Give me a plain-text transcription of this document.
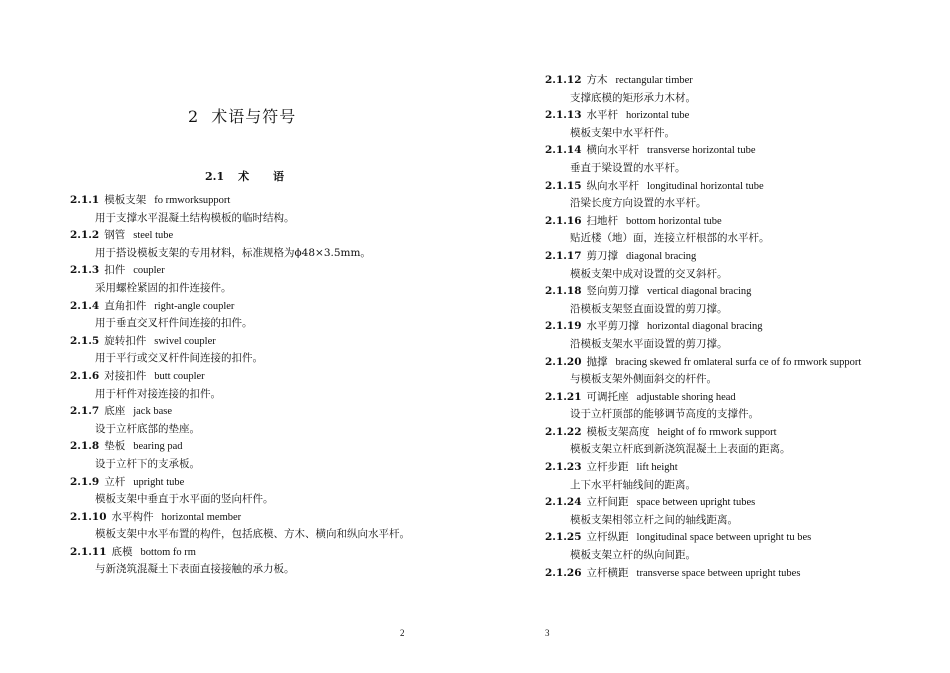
2 术语与符号
2.1 术 语
2.1.1 模板支架 fo rmworksupport
用于支撑水平混凝土结构模板的临时结构。
2.1.2 钢管 steel tube
用于搭设模板支架的专用材料，标准规格为ϕ48×3.5mm。
2.1.3 扣件 coupler
采用螺栓紧固的扣件连接件。
2.1.4 直角扣件 right-angle coupler
用于垂直交叉杆件间连接的扣件。
2.1.5 旋转扣件 swivel coupler
用于平行或交叉杆件间连接的扣件。
2.1.6 对接扣件 butt coupler
用于杆件对接连接的扣件。
2.1.7 底座 jack base
设于立杆底部的垫座。
2.1.8 垫板 bearing pad
设于立杆下的支承板。
2.1.9 立杆 upright tube
模板支架中垂直于水平面的竖向杆件。
2.1.10 水平构件 horizontal member
模板支架中水平布置的构件，包括底模、方木、横向和纵向水平杆。
2.1.11 底模 bottom fo rm
与新浇筑混凝土下表面直接接触的承力板。
2
2.1.12 方木 rectangular timber
支撑底模的矩形承力木材。
2.1.13 水平杆 horizontal tube
模板支架中水平杆件。
2.1.14 横向水平杆 transverse horizontal tube
垂直于梁设置的水平杆。
2.1.15 纵向水平杆 longitudinal horizontal tube
沿梁长度方向设置的水平杆。
2.1.16 扫地杆 bottom horizontal tube
贴近楼（地）面，连接立杆根部的水平杆。
2.1.17 剪刀撑 diagonal bracing
模板支架中成对设置的交叉斜杆。
2.1.18 竖向剪刀撑 vertical diagonal bracing
沿模板支架竖直面设置的剪刀撑。
2.1.19 水平剪刀撑 horizontal diagonal bracing
沿模板支架水平面设置的剪刀撑。
2.1.20 抛撑 bracing skewed fr omlateral surfa ce of fo rmwork support
与模板支架外侧面斜交的杆件。
2.1.21 可调托座 adjustable shoring head
设于立杆顶部的能够调节高度的支撑件。
2.1.22 模板支架高度 height of fo rmwork support
模板支架立杆底到新浇筑混凝土上表面的距离。
2.1.23 立杆步距 lift height
上下水平杆轴线间的距离。
2.1.24 立杆间距 space between upright tubes
模板支架相邻立杆之间的轴线距离。
2.1.25 立杆纵距 longitudinal space between upright tu bes
模板支架立杆的纵向间距。
2.1.26 立杆横距 transverse space between upright tubes
3
